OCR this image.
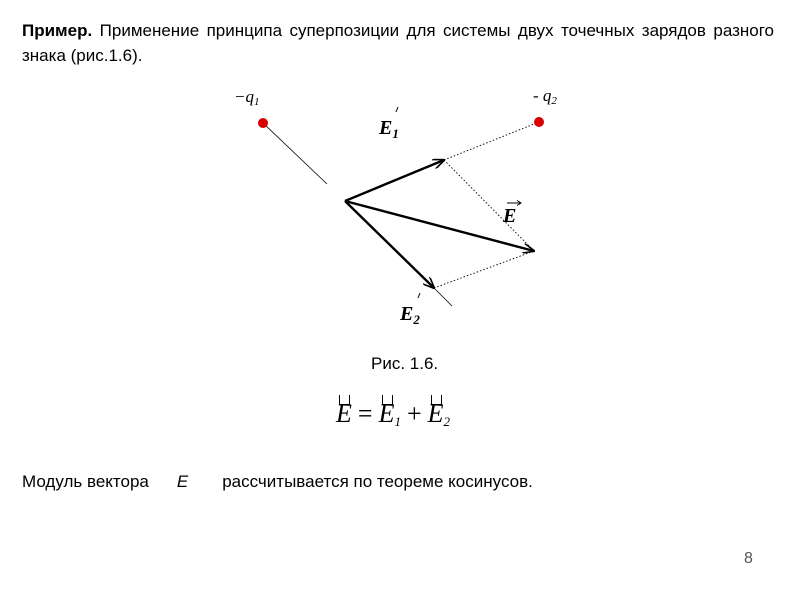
Пример. Применение принципа суперпозиции для системы двух точечных зарядов разного знака (рис.1.6).

−q1	- q2
$E_1$
E
$E_2$

Рис. 1.6.

$E = E_1 + E_2$

Модуль вектора E рассчитывается по теореме косинусов.

8
